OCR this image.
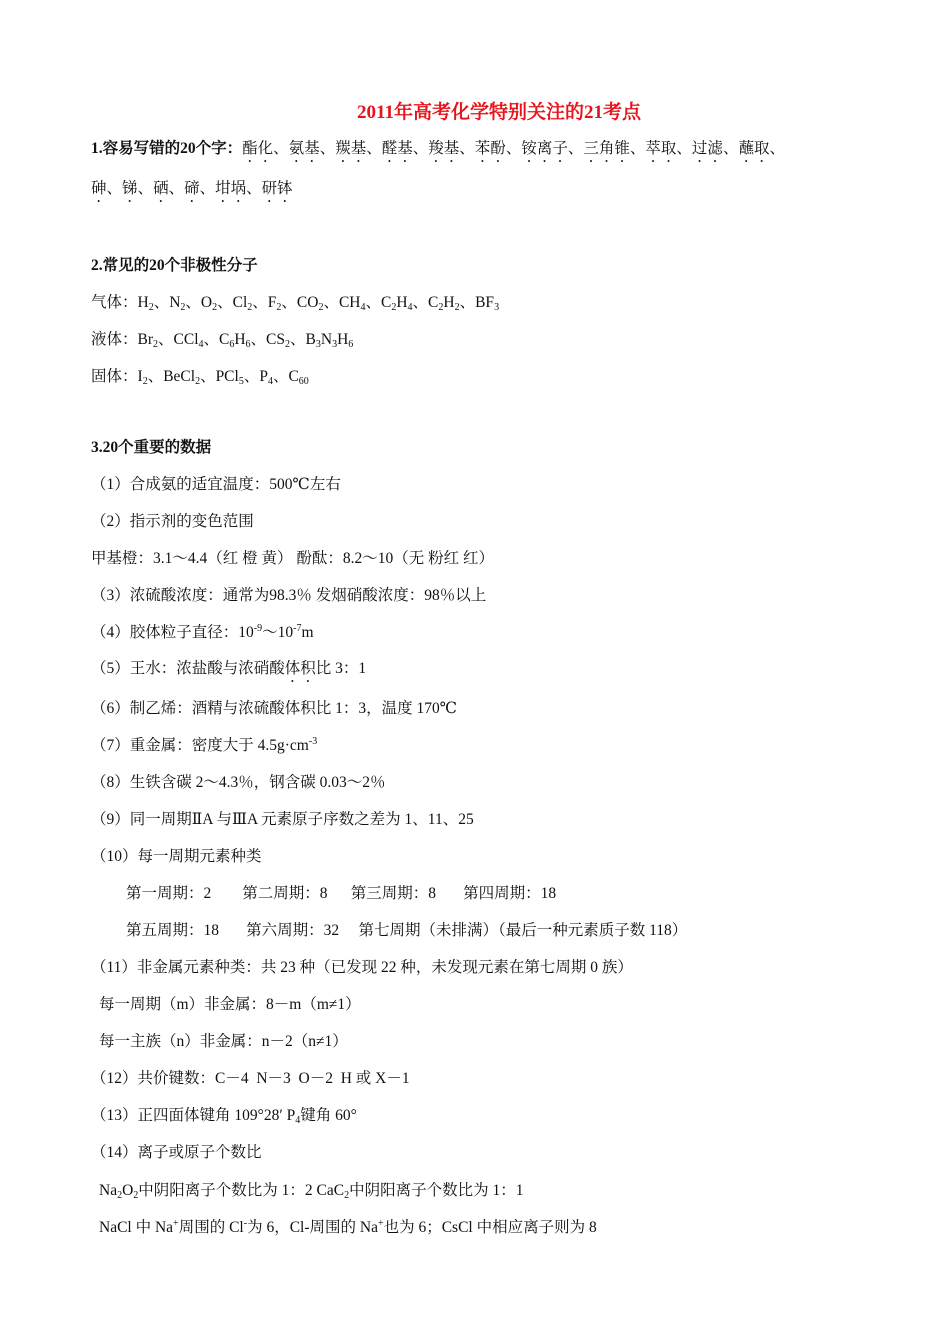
2011年高考化学特别关注的21考点
1.容易写错的20个字：酯化、氨基、羰基、醛基、羧基、苯酚、铵离子、三角锥、萃取、过滤、蘸取、
砷、锑、硒、碲、坩埚、研钵
2.常见的20个非极性分子
气体：$H_2$、$N_2$、$O_2$、$Cl_2$、$F_2$、$CO_2$、$CH_4$、$C_2H_4$、$C_2H_2$、$BF_3$
液体：$Br_2$、CCl$_4$、$C_6H_6$、$CS_2$、$B_3N_3H_6$
固体：$I_2$、BeCl$_2$、PCl$_5$、$P_4$、$C_{60}$
3.20个重要的数据
（1）合成氨的适宜温度：500℃左右
（2）指示剂的变色范围
甲基橙：3.1～4.4（红 橙 黄） 酚酞：8.2～10（无 粉红 红）
（3）浓硫酸浓度：通常为98.3％ 发烟硝酸浓度：98％以上
（4）胶体粒子直径：$10^{-9}\sim 10^{-7}m$
（5）王水：浓盐酸与浓硝酸体积比 3：1
（6）制乙烯：酒精与浓硫酸体积比 1：3，温度 170℃
（7）重金属：密度大于 $4.5g\cdot cm^{-3}$
（8）生铁含碳 2～4.3％，钢含碳 0.03～2％
（9）同一周期ⅡA 与ⅢA 元素原子序数之差为 1、11、25
（10）每一周期元素种类
第一周期：2        第二周期：8      第三周期：8       第四周期：18
第五周期：18       第六周期：32     第七周期（未排满）（最后一种元素质子数 118）
（11）非金属元素种类：共 23 种（已发现 22 种，未发现元素在第七周期 0 族）
每一周期（m）非金属：8－m（m≠1）
每一主族（n）非金属：n－2（n≠1）
（12）共价键数：C－4  N－3  O－2  H 或 X－1
（13）正四面体键角 109°28′ $P_4$键角 60°
（14）离子或原子个数比
$Na_2O_2$中阴阳离子个数比为 1：2 CaC$_2$中阴阳离子个数比为 1：1
NaCl 中 Na+周围的 Cl-为 6，Cl-周围的 Na+也为 6；CsCl 中相应离子则为 8
